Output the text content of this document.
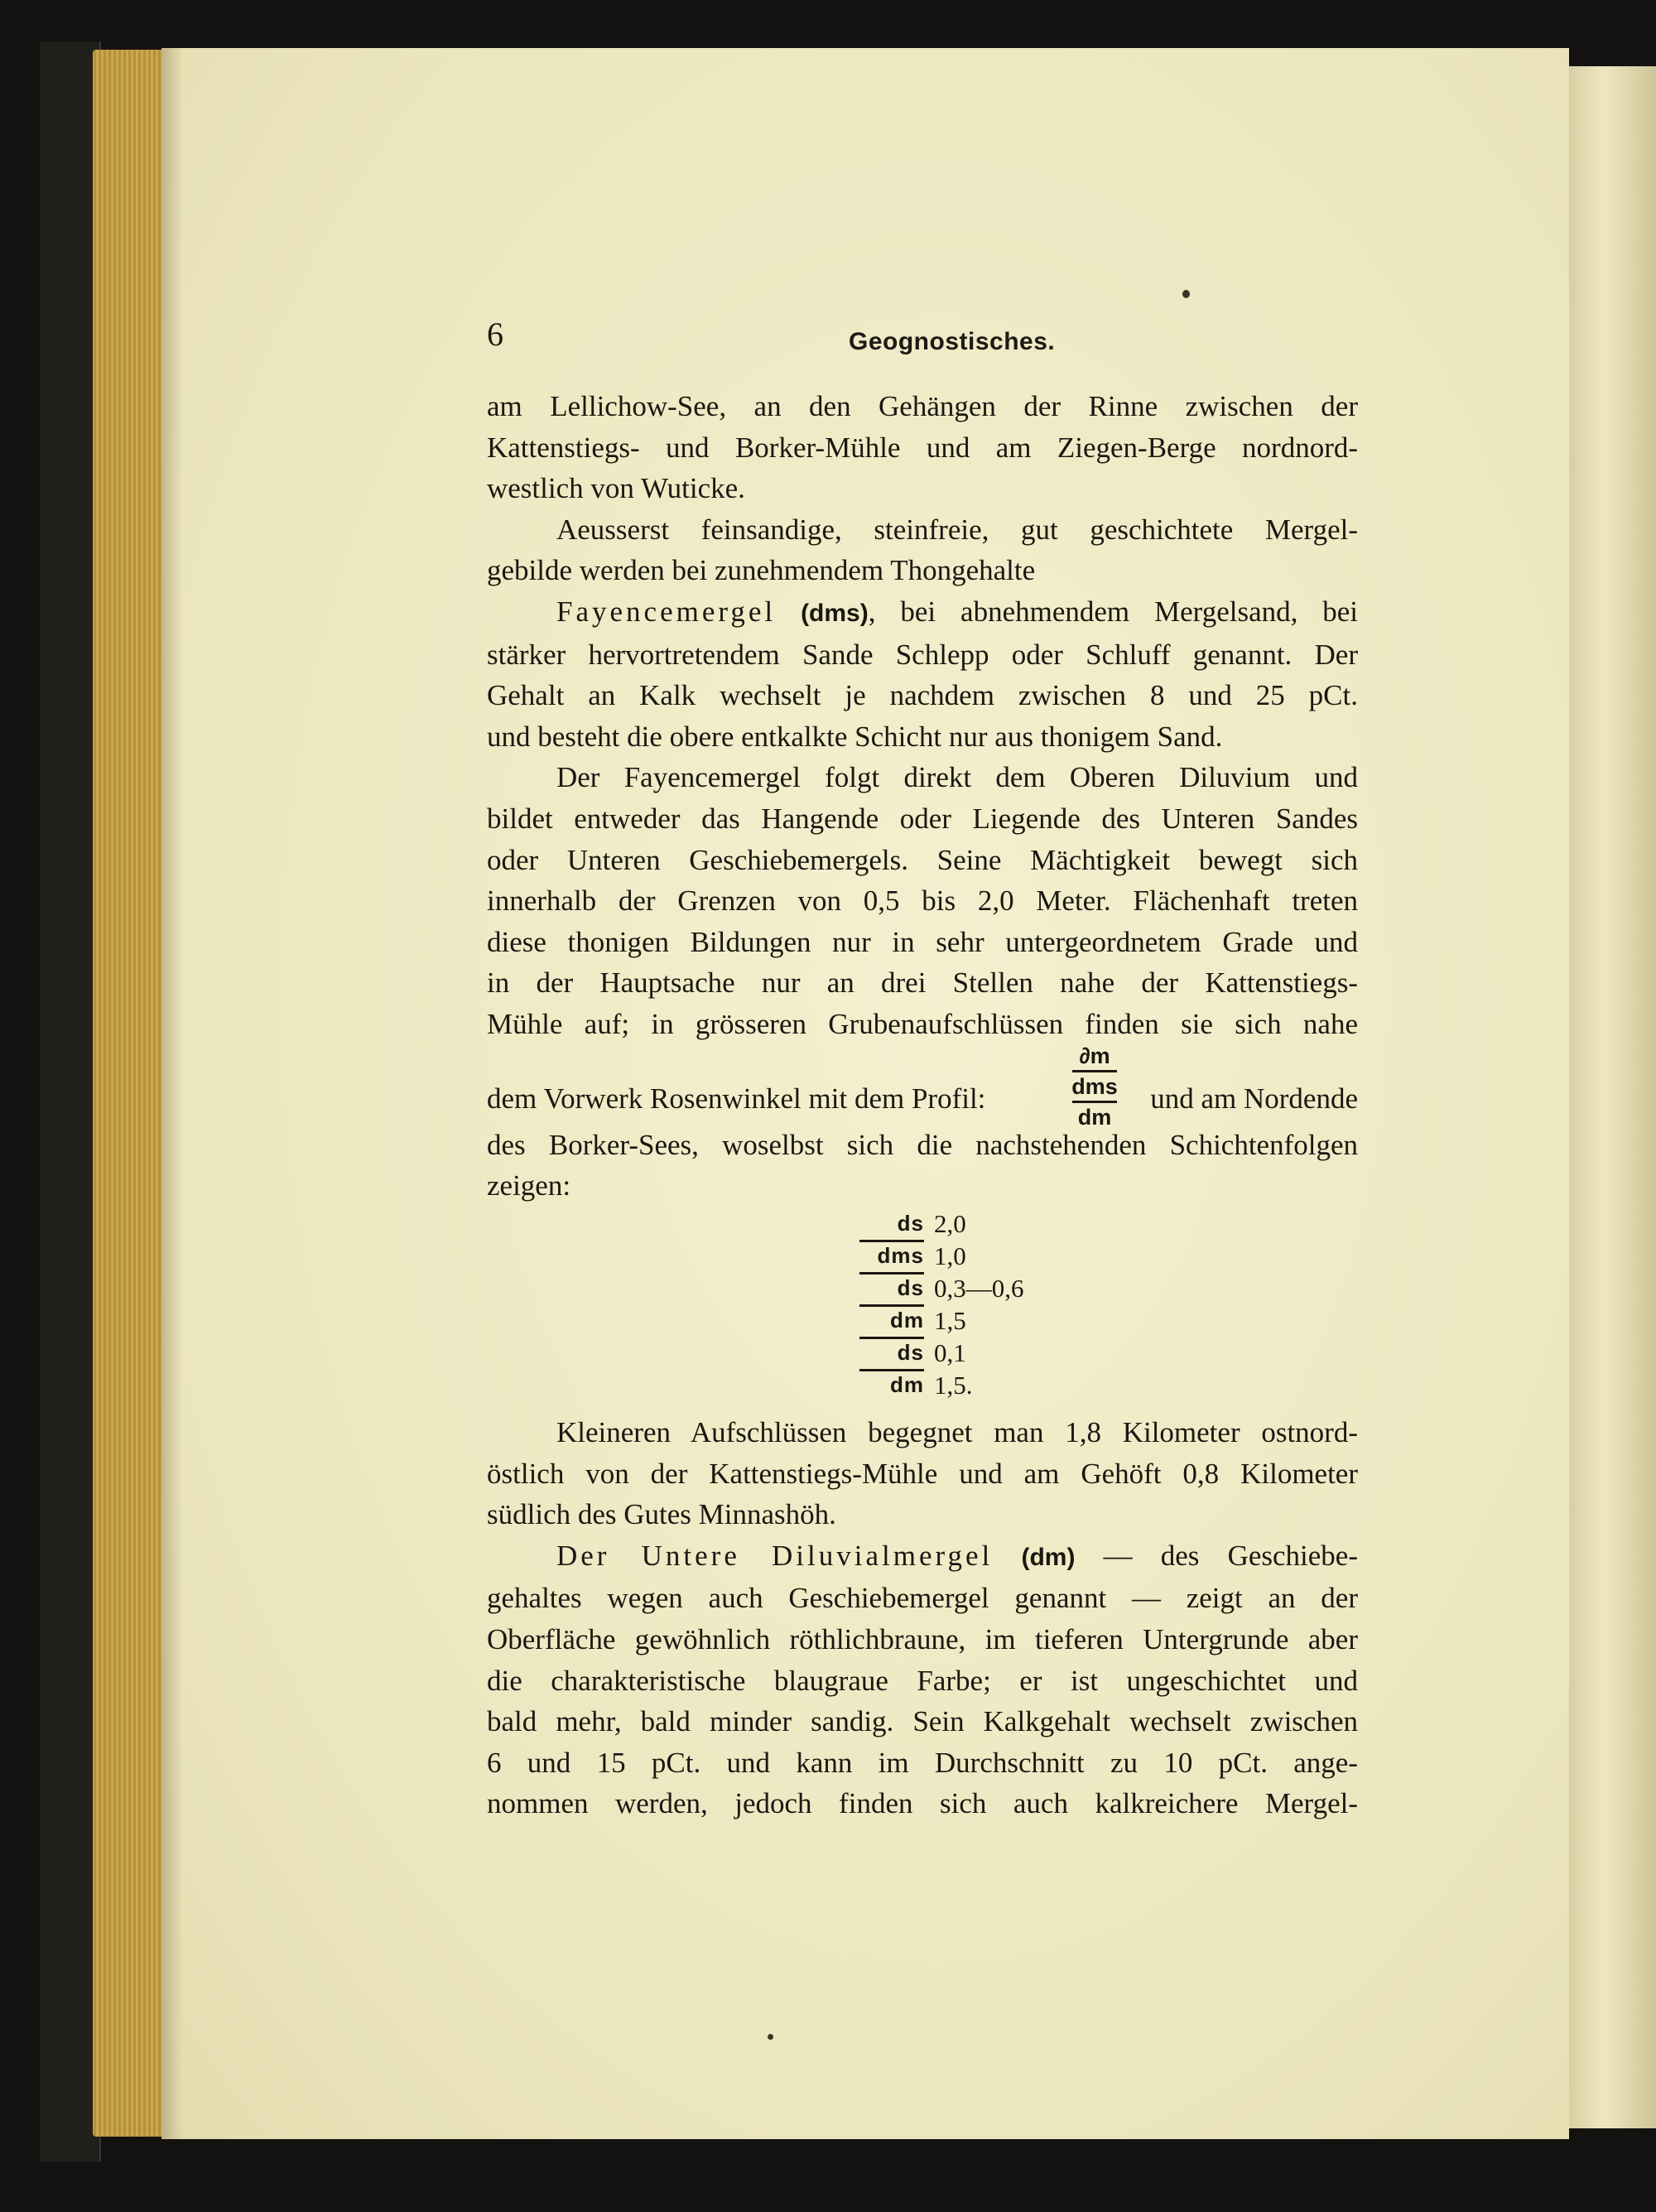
6	Geognostisches.
am Lellichow-See, an den Gehängen der Rinne zwischen der
Kattenstiegs- und Borker-Mühle und am Ziegen-Berge nordnord-
westlich von Wuticke.
Aeusserst feinsandige, steinfreie, gut geschichtete Mergel-
gebilde werden bei zunehmendem Thongehalte
Fayencemergel (dms), bei abnehmendem Mergelsand, bei
stärker hervortretendem Sande Schlepp oder Schluff genannt. Der
Gehalt an Kalk wechselt je nachdem zwischen 8 und 25 pCt.
und besteht die obere entkalkte Schicht nur aus thonigem Sand.
Der Fayencemergel folgt direkt dem Oberen Diluvium und
bildet entweder das Hangende oder Liegende des Unteren Sandes
oder Unteren Geschiebemergels. Seine Mächtigkeit bewegt sich
innerhalb der Grenzen von 0,5 bis 2,0 Meter. Flächenhaft treten
diese thonigen Bildungen nur in sehr untergeordnetem Grade und
in der Hauptsache nur an drei Stellen nahe der Kattenstiegs-
Mühle auf; in grösseren Grubenaufschlüssen finden sie sich nahe
dem Vorwerk Rosenwinkel mit dem Profil:
∂m
dms
dm
und am Nordende
des Borker-Sees, woselbst sich die nachstehenden Schichtenfolgen
zeigen:
ds 2,0
dms 1,0
ds 0,3—0,6
dm 1,5
ds 0,1
dm 1,5.
Kleineren Aufschlüssen begegnet man 1,8 Kilometer ostnord-
östlich von der Kattenstiegs-Mühle und am Gehöft 0,8 Kilometer
südlich des Gutes Minnashöh.
Der Untere Diluvialmergel (dm) — des Geschiebe-
gehaltes wegen auch Geschiebemergel genannt — zeigt an der
Oberfläche gewöhnlich röthlichbraune, im tieferen Untergrunde aber
die charakteristische blaugraue Farbe; er ist ungeschichtet und
bald mehr, bald minder sandig. Sein Kalkgehalt wechselt zwischen
6 und 15 pCt. und kann im Durchschnitt zu 10 pCt. ange-
nommen werden, jedoch finden sich auch kalkreichere Mergel-
